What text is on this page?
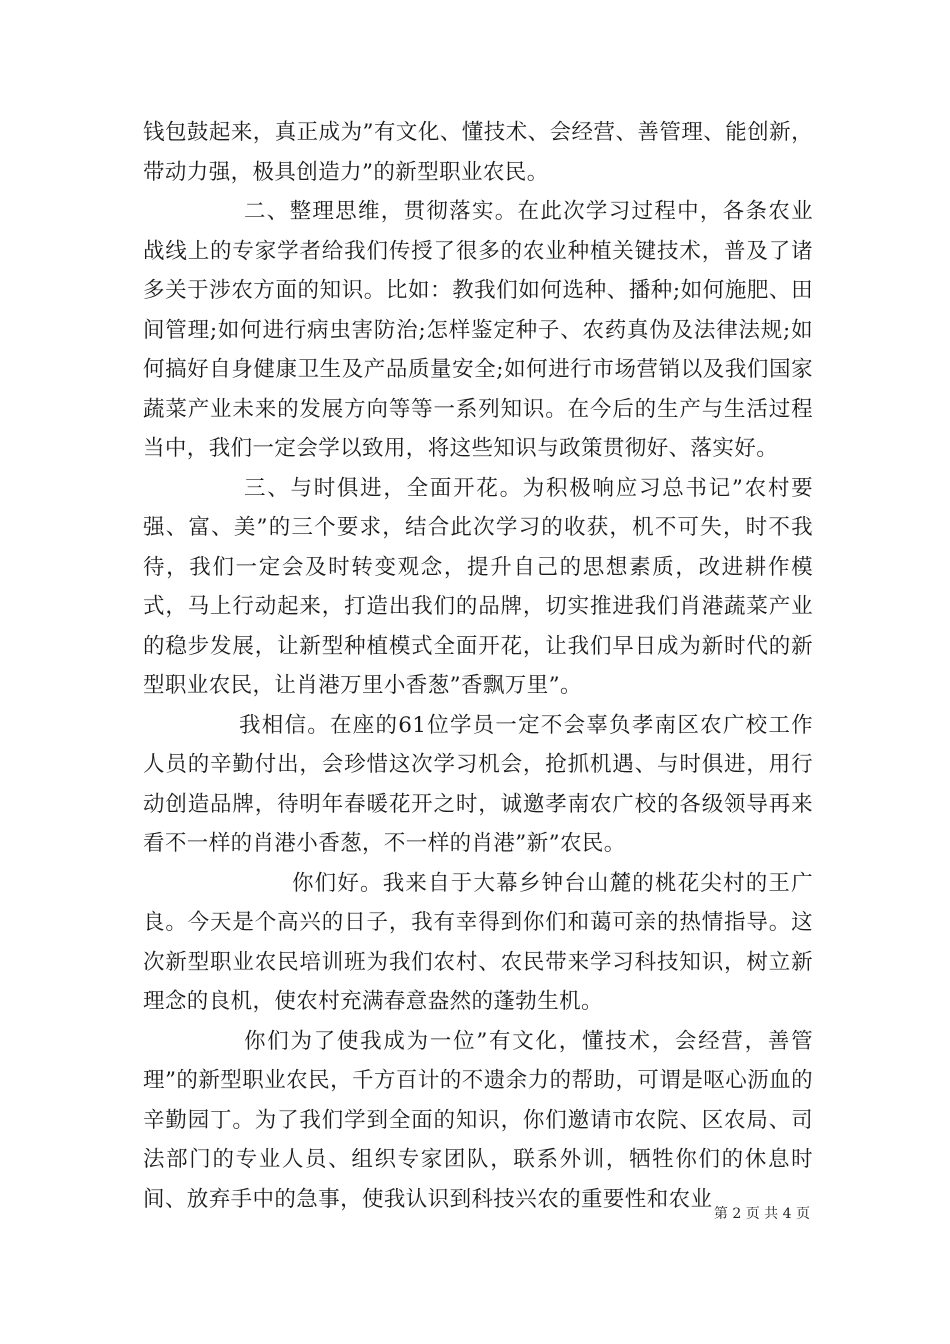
钱包鼓起来，真正成为”有文化、懂技术、会经营、善管理、能创新，带动力强，极具创造力”的新型职业农民。

二、整理思维，贯彻落实。在此次学习过程中，各条农业战线上的专家学者给我们传授了很多的农业种植关键技术，普及了诸多关于涉农方面的知识。比如：教我们如何选种、播种;如何施肥、田间管理;如何进行病虫害防治;怎样鉴定种子、农药真伪及法律法规;如何搞好自身健康卫生及产品质量安全;如何进行市场营销以及我们国家蔬菜产业未来的发展方向等等一系列知识。在今后的生产与生活过程当中，我们一定会学以致用，将这些知识与政策贯彻好、落实好。

三、与时俱进，全面开花。为积极响应习总书记”农村要强、富、美”的三个要求，结合此次学习的收获，机不可失，时不我待，我们一定会及时转变观念，提升自己的思想素质，改进耕作模式，马上行动起来，打造出我们的品牌，切实推进我们肖港蔬菜产业的稳步发展，让新型种植模式全面开花，让我们早日成为新时代的新型职业农民，让肖港万里小香葱”香飘万里”。

我相信。在座的61位学员一定不会辜负孝南区农广校工作人员的辛勤付出，会珍惜这次学习机会，抢抓机遇、与时俱进，用行动创造品牌，待明年春暖花开之时，诚邀孝南农广校的各级领导再来看不一样的肖港小香葱，不一样的肖港”新”农民。

你们好。我来自于大幕乡钟台山麓的桃花尖村的王广良。今天是个高兴的日子，我有幸得到你们和蔼可亲的热情指导。这次新型职业农民培训班为我们农村、农民带来学习科技知识，树立新理念的良机，使农村充满春意盎然的蓬勃生机。

你们为了使我成为一位”有文化，懂技术，会经营，善管理”的新型职业农民，千方百计的不遗余力的帮助，可谓是呕心沥血的辛勤园丁。为了我们学到全面的知识，你们邀请市农院、区农局、司法部门的专业人员、组织专家团队，联系外训，牺牲你们的休息时间、放弃手中的急事，使我认识到科技兴农的重要性和农业

第 2 页 共 4 页
